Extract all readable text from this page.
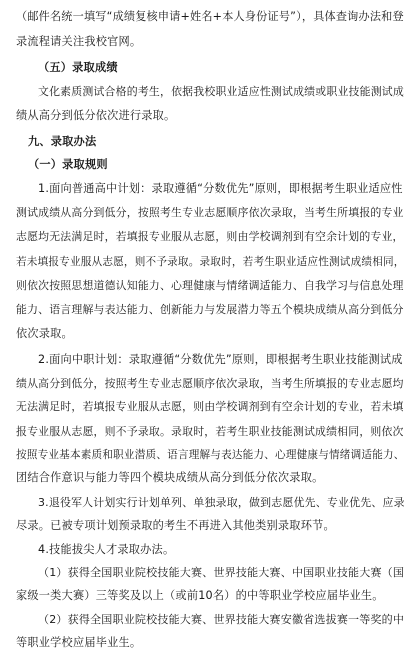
（邮件名统一填写“成绩复核申请+姓名+本人身份证号”），具体查询办法和登
录流程请关注我校官网。
（五）录取成绩
文化素质测试合格的考生，依据我校职业适应性测试成绩或职业技能测试成
绩从高分到低分依次进行录取。
九、录取办法
（一）录取规则
1.面向普通高中计划：录取遵循“分数优先”原则，即根据考生职业适应性
测试成绩从高分到低分，按照考生专业志愿顺序依次录取，当考生所填报的专业
志愿均无法满足时，若填报专业服从志愿，则由学校调剂到有空余计划的专业，
若未填报专业服从志愿，则不予录取。录取时，若考生职业适应性测试成绩相同，
则依次按照思想道德认知能力、心理健康与情绪调适能力、自我学习与信息处理
能力、语言理解与表达能力、创新能力与发展潜力等五个模块成绩从高分到低分
依次录取。
2.面向中职计划：录取遵循“分数优先”原则，即根据考生职业技能测试成
绩从高分到低分，按照考生专业志愿顺序依次录取，当考生所填报的专业志愿均
无法满足时，若填报专业服从志愿，则由学校调剂到有空余计划的专业，若未填
报专业服从志愿，则不予录取。录取时，若考生职业技能测试成绩相同，则依次
按照专业基本素质和职业潜质、语言理解与表达能力、心理健康与情绪调适能力、
团结合作意识与能力等四个模块成绩从高分到低分依次录取。
3.退役军人计划实行计划单列、单独录取，做到志愿优先、专业优先、应录
尽录。已被专项计划预录取的考生不再进入其他类别录取环节。
4.技能拔尖人才录取办法。
（1）获得全国职业院校技能大赛、世界技能大赛、中国职业技能大赛（国
家级一类大赛）三等奖及以上（或前10名）的中等职业学校应届毕业生。
（2）获得全国职业院校技能大赛、世界技能大赛安徽省选拔赛一等奖的中
等职业学校应届毕业生。
